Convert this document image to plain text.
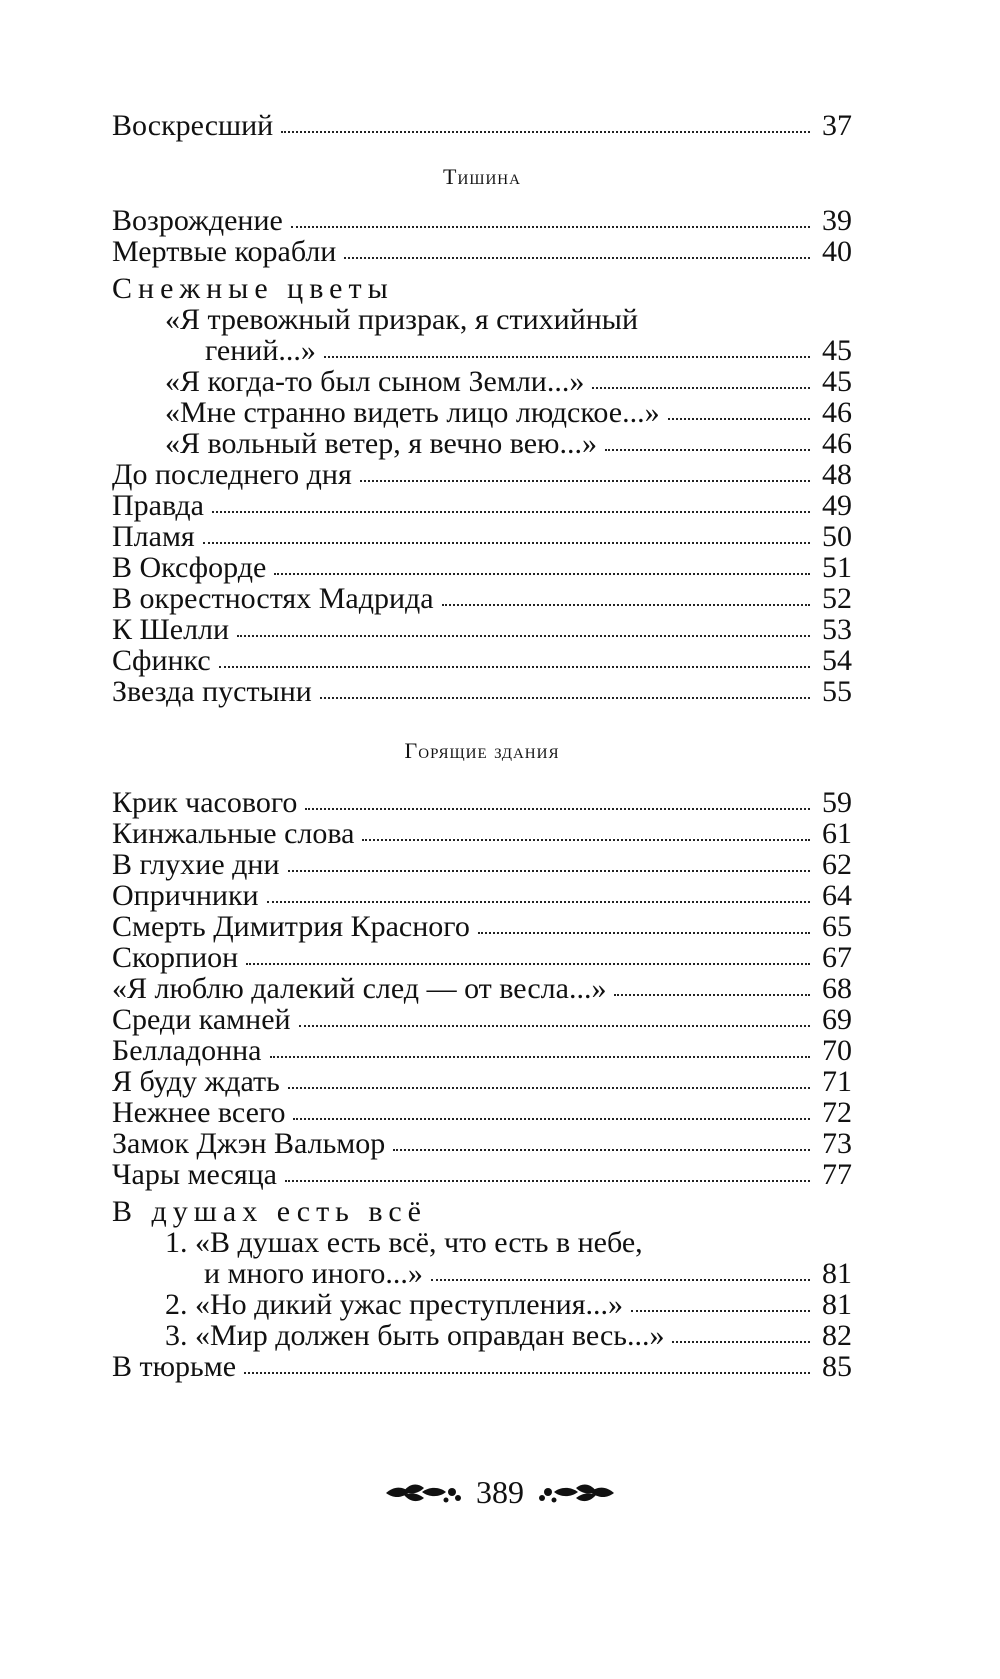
Воскресший	37
Тишина
Возрождение	39
Мертвые корабли	40
Снежные цветы
«Я тревожный призрак, я стихийный
гений...»	45
«Я когда-то был сыном Земли...»	45
«Мне странно видеть лицо людское...»	46
«Я вольный ветер, я вечно вею...»	46
До последнего дня	48
Правда	49
Пламя	50
В Оксфорде	51
В окрестностях Мадрида	52
К Шелли	53
Сфинкс	54
Звезда пустыни	55
Горящие здания
Крик часового	59
Кинжальные слова	61
В глухие дни	62
Опричники	64
Смерть Димитрия Красного	65
Скорпион	67
«Я люблю далекий след — от весла...»	68
Среди камней	69
Белладонна	70
Я буду ждать	71
Нежнее всего	72
Замок Джэн Вальмор	73
Чары месяца	77
В душах есть всё
1. «В душах есть всё, что есть в небе,
и много иного...»	81
2. «Но дикий ужас преступления...»	81
3. «Мир должен быть оправдан весь...»	82
В тюрьме	85
389
